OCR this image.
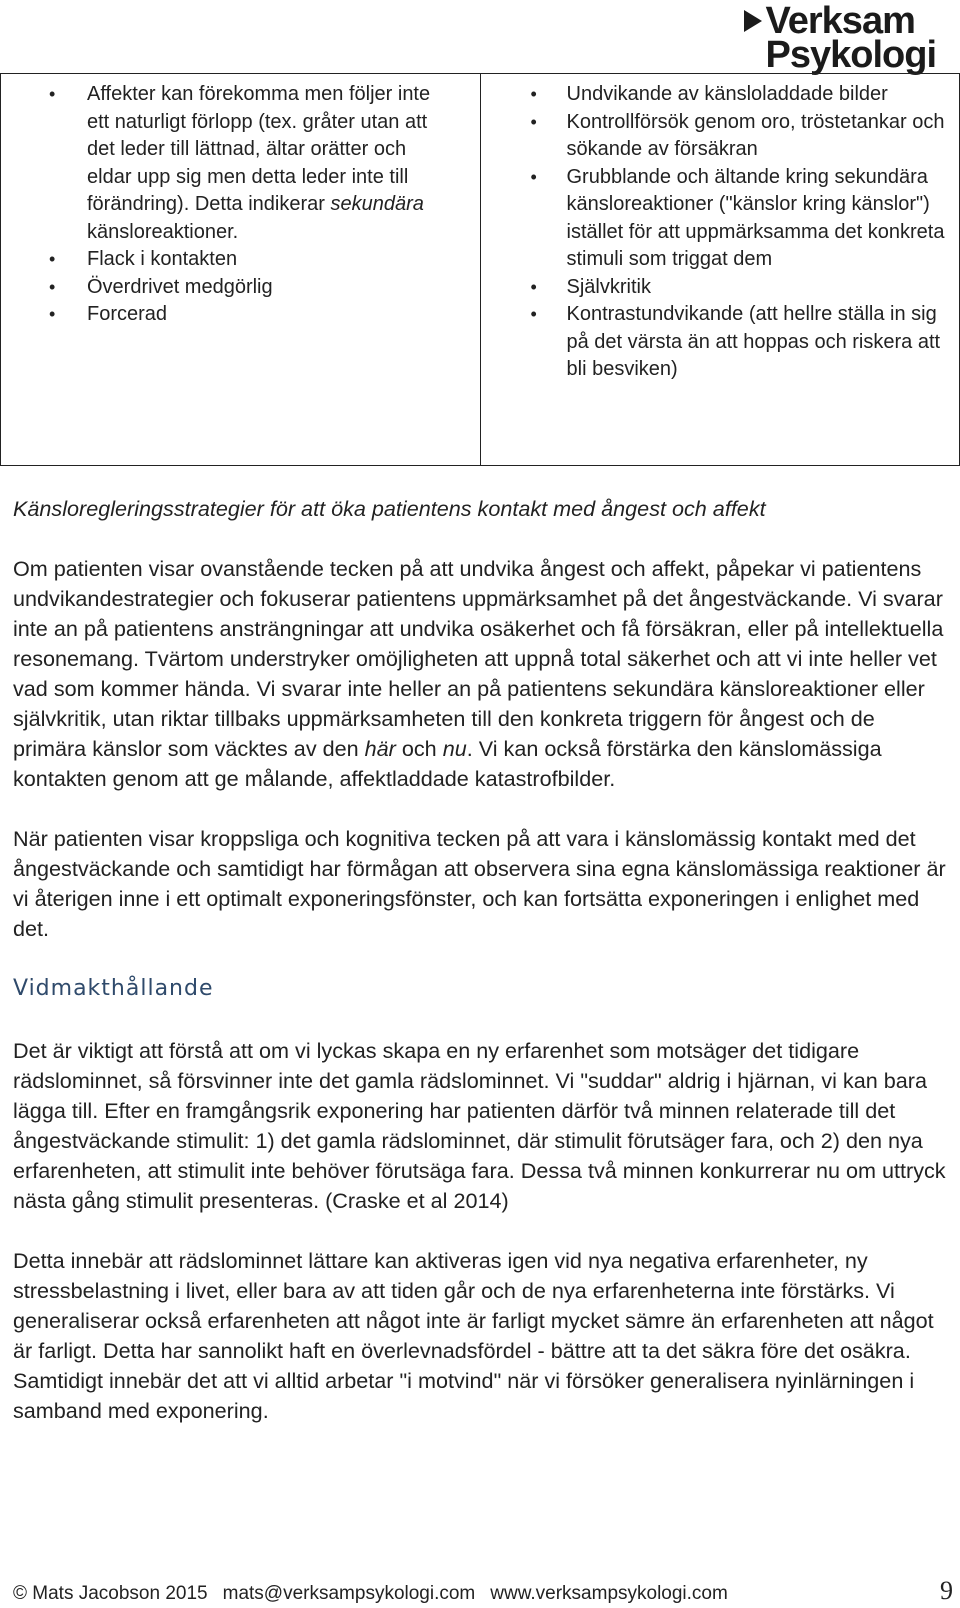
Verksam
Psykologi
• Affekter kan förekomma men följer inte ett naturligt förlopp (tex. gråter utan att det leder till lättnad, ältar orätter och eldar upp sig men detta leder inte till förändring). Detta indikerar sekundära känsloreaktioner.
• Flack i kontakten
• Överdrivet medgörlig
• Forcerad

• Undvikande av känsloladdade bilder
• Kontrollförsök genom oro, tröstetankar och sökande av försäkran
• Grubblande och ältande kring sekundära känsloreaktioner ("känslor kring känslor") istället för att uppmärksamma det konkreta stimuli som triggat dem
• Självkritik
• Kontrastundvikande (att hellre ställa in sig på det värsta än att hoppas och riskera att bli besviken)

Känsloregleringsstrategier för att öka patientens kontakt med ångest och affekt

Om patienten visar ovanstående tecken på att undvika ångest och affekt, påpekar vi patientens undvikandestrategier och fokuserar patientens uppmärksamhet på det ångestväckande. Vi svarar inte an på patientens ansträngningar att undvika osäkerhet och få försäkran, eller på intellektuella resonemang. Tvärtom understryker omöjligheten att uppnå total säkerhet och att vi inte heller vet vad som kommer hända. Vi svarar inte heller an på patientens sekundära känsloreaktioner eller självkritik, utan riktar tillbaks uppmärksamheten till den konkreta triggern för ångest och de primära känslor som väcktes av den här och nu. Vi kan också förstärka den känslomässiga kontakten genom att ge målande, affektladdade katastrofbilder.

När patienten visar kroppsliga och kognitiva tecken på att vara i känslomässig kontakt med det ångestväckande och samtidigt har förmågan att observera sina egna känslomässiga reaktioner är vi återigen inne i ett optimalt exponeringsfönster, och kan fortsätta exponeringen i enlighet med det.

Vidmakthållande

Det är viktigt att förstå att om vi lyckas skapa en ny erfarenhet som motsäger det tidigare rädslominnet, så försvinner inte det gamla rädslominnet. Vi "suddar" aldrig i hjärnan, vi kan bara lägga till. Efter en framgångsrik exponering har patienten därför två minnen relaterade till det ångestväckande stimulit: 1) det gamla rädslominnet, där stimulit förutsäger fara, och 2) den nya erfarenheten, att stimulit inte behöver förutsäga fara. Dessa två minnen konkurrerar nu om uttryck nästa gång stimulit presenteras. (Craske et al 2014)

Detta innebär att rädslominnet lättare kan aktiveras igen vid nya negativa erfarenheter, ny stressbelastning i livet, eller bara av att tiden går och de nya erfarenheterna inte förstärks. Vi generaliserar också erfarenheten att något inte är farligt mycket sämre än erfarenheten att något är farligt. Detta har sannolikt haft en överlevnadsfördel - bättre att ta det säkra före det osäkra. Samtidigt innebär det att vi alltid arbetar "i motvind" när vi försöker generalisera nyinlärningen i samband med exponering.

© Mats Jacobson 2015 mats@verksampsykologi.com www.verksampsykologi.com	9
